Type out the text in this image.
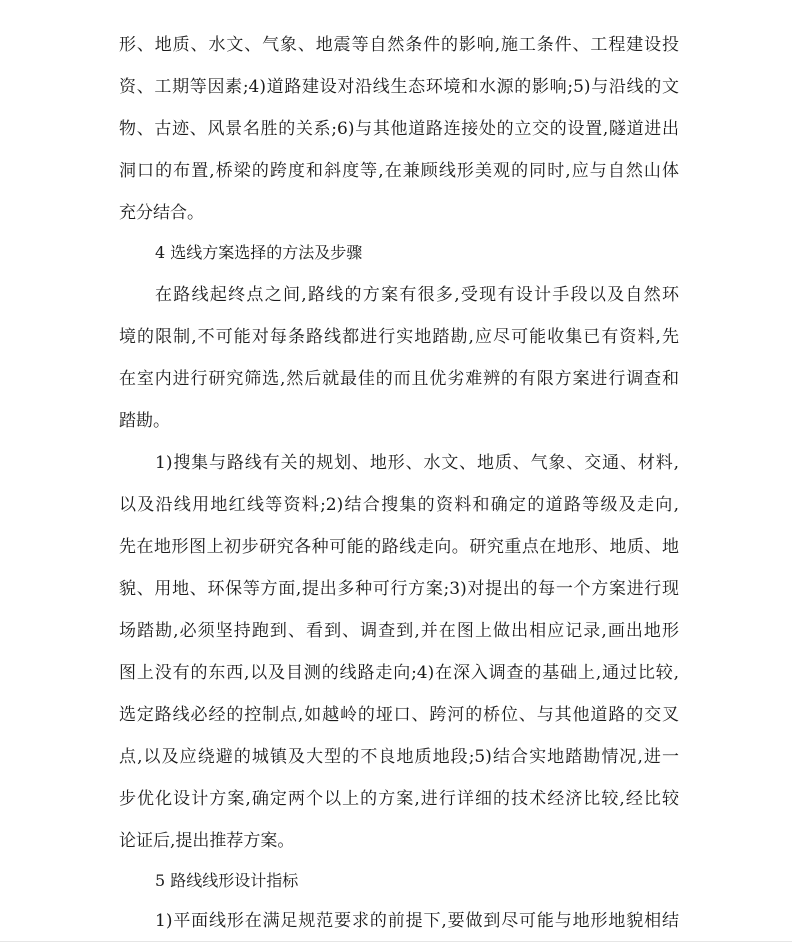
形、地质、水文、气象、地震等自然条件的影响,施工条件、工程建设投
资、工期等因素;4)道路建设对沿线生态环境和水源的影响;5)与沿线的文
物、古迹、风景名胜的关系;6)与其他道路连接处的立交的设置,隧道进出
洞口的布置,桥梁的跨度和斜度等,在兼顾线形美观的同时,应与自然山体
充分结合。
4 选线方案选择的方法及步骤
在路线起终点之间,路线的方案有很多,受现有设计手段以及自然环
境的限制,不可能对每条路线都进行实地踏勘,应尽可能收集已有资料,先
在室内进行研究筛选,然后就最佳的而且优劣难辨的有限方案进行调查和
踏勘。
1)搜集与路线有关的规划、地形、水文、地质、气象、交通、材料,
以及沿线用地红线等资料;2)结合搜集的资料和确定的道路等级及走向,
先在地形图上初步研究各种可能的路线走向。研究重点在地形、地质、地
貌、用地、环保等方面,提出多种可行方案;3)对提出的每一个方案进行现
场踏勘,必须坚持跑到、看到、调查到,并在图上做出相应记录,画出地形
图上没有的东西,以及目测的线路走向;4)在深入调查的基础上,通过比较,
选定路线必经的控制点,如越岭的垭口、跨河的桥位、与其他道路的交叉
点,以及应绕避的城镇及大型的不良地质地段;5)结合实地踏勘情况,进一
步优化设计方案,确定两个以上的方案,进行详细的技术经济比较,经比较
论证后,提出推荐方案。
5 路线线形设计指标
1)平面线形在满足规范要求的前提下,要做到尽可能与地形地貌相结
